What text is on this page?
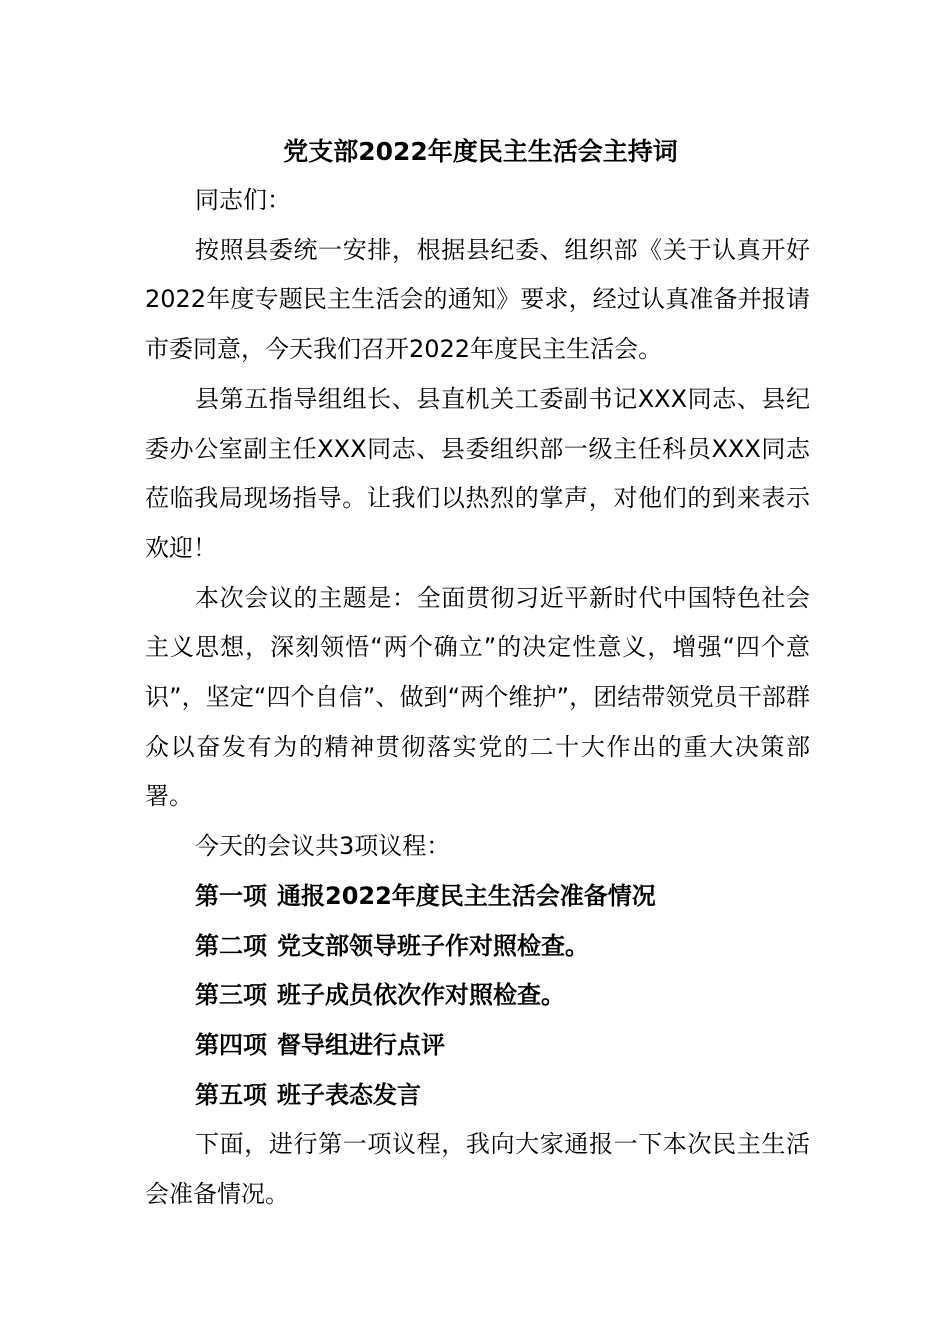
党支部2022年度民主生活会主持词

同志们：

按照县委统一安排，根据县纪委、组织部《关于认真开好2022年度专题民主生活会的通知》要求，经过认真准备并报请市委同意，今天我们召开2022年度民主生活会。

县第五指导组组长、县直机关工委副书记XXX同志、县纪委办公室副主任XXX同志、县委组织部一级主任科员XXX同志莅临我局现场指导。让我们以热烈的掌声，对他们的到来表示欢迎！

本次会议的主题是：全面贯彻习近平新时代中国特色社会主义思想，深刻领悟“两个确立”的决定性意义，增强“四个意识”，坚定“四个自信”、做到“两个维护”，团结带领党员干部群众以奋发有为的精神贯彻落实党的二十大作出的重大决策部署。

今天的会议共3项议程：

第一项 通报2022年度民主生活会准备情况

第二项 党支部领导班子作对照检查。

第三项 班子成员依次作对照检查。

第四项 督导组进行点评

第五项 班子表态发言

下面，进行第一项议程，我向大家通报一下本次民主生活会准备情况。
